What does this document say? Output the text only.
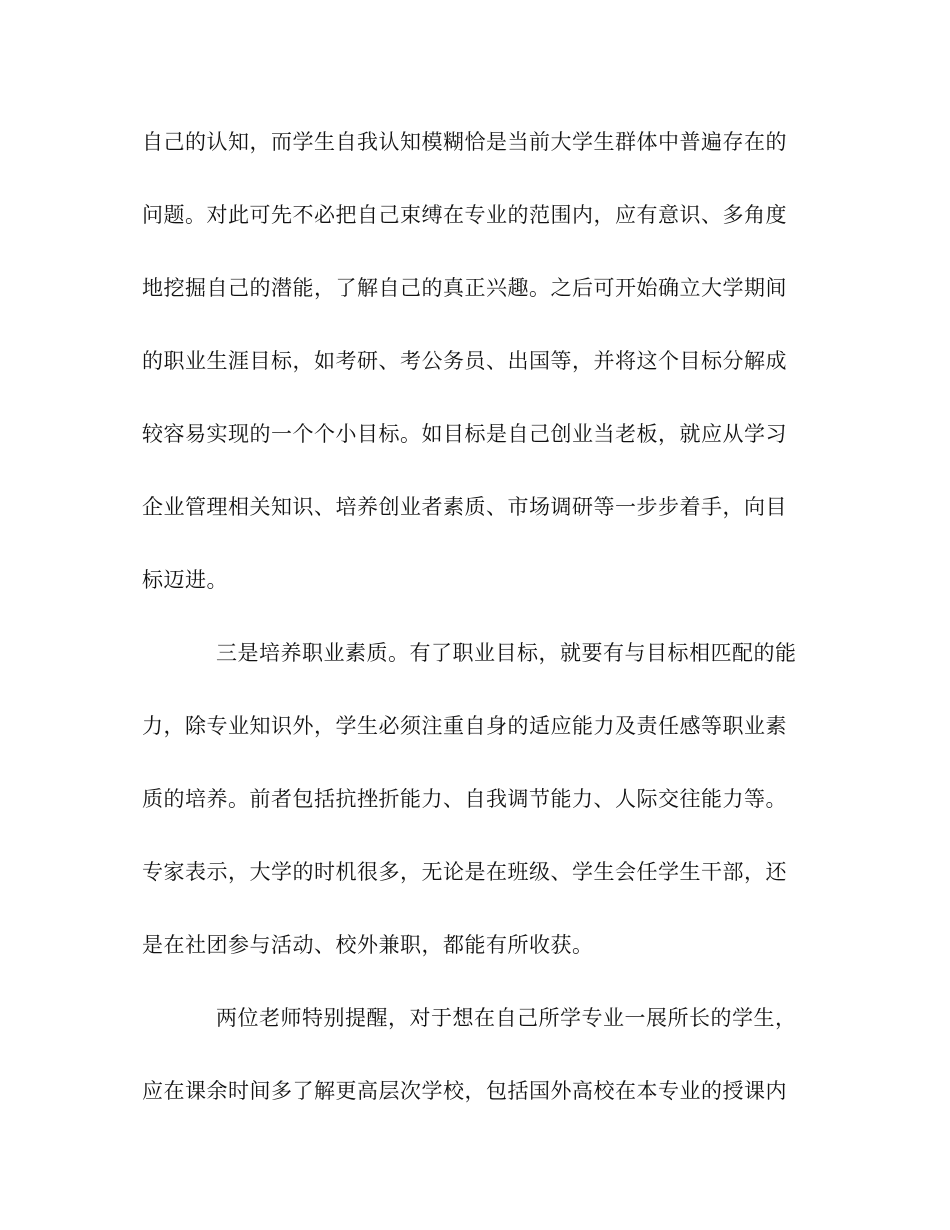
自己的认知，而学生自我认知模糊恰是当前大学生群体中普遍存在的
问题。对此可先不必把自己束缚在专业的范围内，应有意识、多角度
地挖掘自己的潜能，了解自己的真正兴趣。之后可开始确立大学期间
的职业生涯目标，如考研、考公务员、出国等，并将这个目标分解成
较容易实现的一个个小目标。如目标是自己创业当老板，就应从学习
企业管理相关知识、培养创业者素质、市场调研等一步步着手，向目
标迈进。
三是培养职业素质。有了职业目标，就要有与目标相匹配的能
力，除专业知识外，学生必须注重自身的适应能力及责任感等职业素
质的培养。前者包括抗挫折能力、自我调节能力、人际交往能力等。
专家表示，大学的时机很多，无论是在班级、学生会任学生干部，还
是在社团参与活动、校外兼职，都能有所收获。
两位老师特别提醒，对于想在自己所学专业一展所长的学生，
应在课余时间多了解更高层次学校，包括国外高校在本专业的授课内
